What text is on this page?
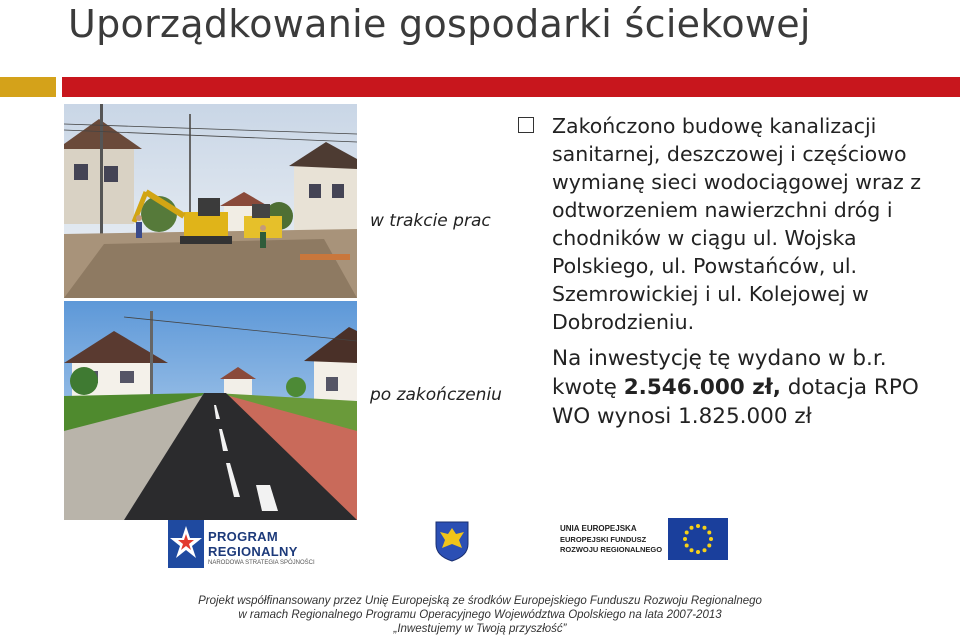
Uporządkowanie gospodarki ściekowej
w trakcie prac
po zakończeniu

Zakończono budowę kanalizacji sanitarnej, deszczowej i częściowo wymianę sieci wodociągowej wraz z odtworzeniem nawierzchni dróg i chodników w ciągu ul. Wojska Polskiego, ul. Powstańców, ul. Szemrowickiej i ul. Kolejowej w Dobrodzieniu.

Na inwestycję tę wydano w b.r. kwotę 2.546.000 zł, dotacja RPO WO wynosi 1.825.000 zł

PROGRAM
REGIONALNY
NARODOWA STRATEGIA SPÓJNOŚCI
UNIA EUROPEJSKA
EUROPEJSKI FUNDUSZ
ROZWOJU REGIONALNEGO
Projekt współfinansowany przez Unię Europejską ze środków Europejskiego Funduszu Rozwoju Regionalnego
w ramach Regionalnego Programu Operacyjnego Województwa Opolskiego na lata 2007-2013
„Inwestujemy w Twoją przyszłość”
